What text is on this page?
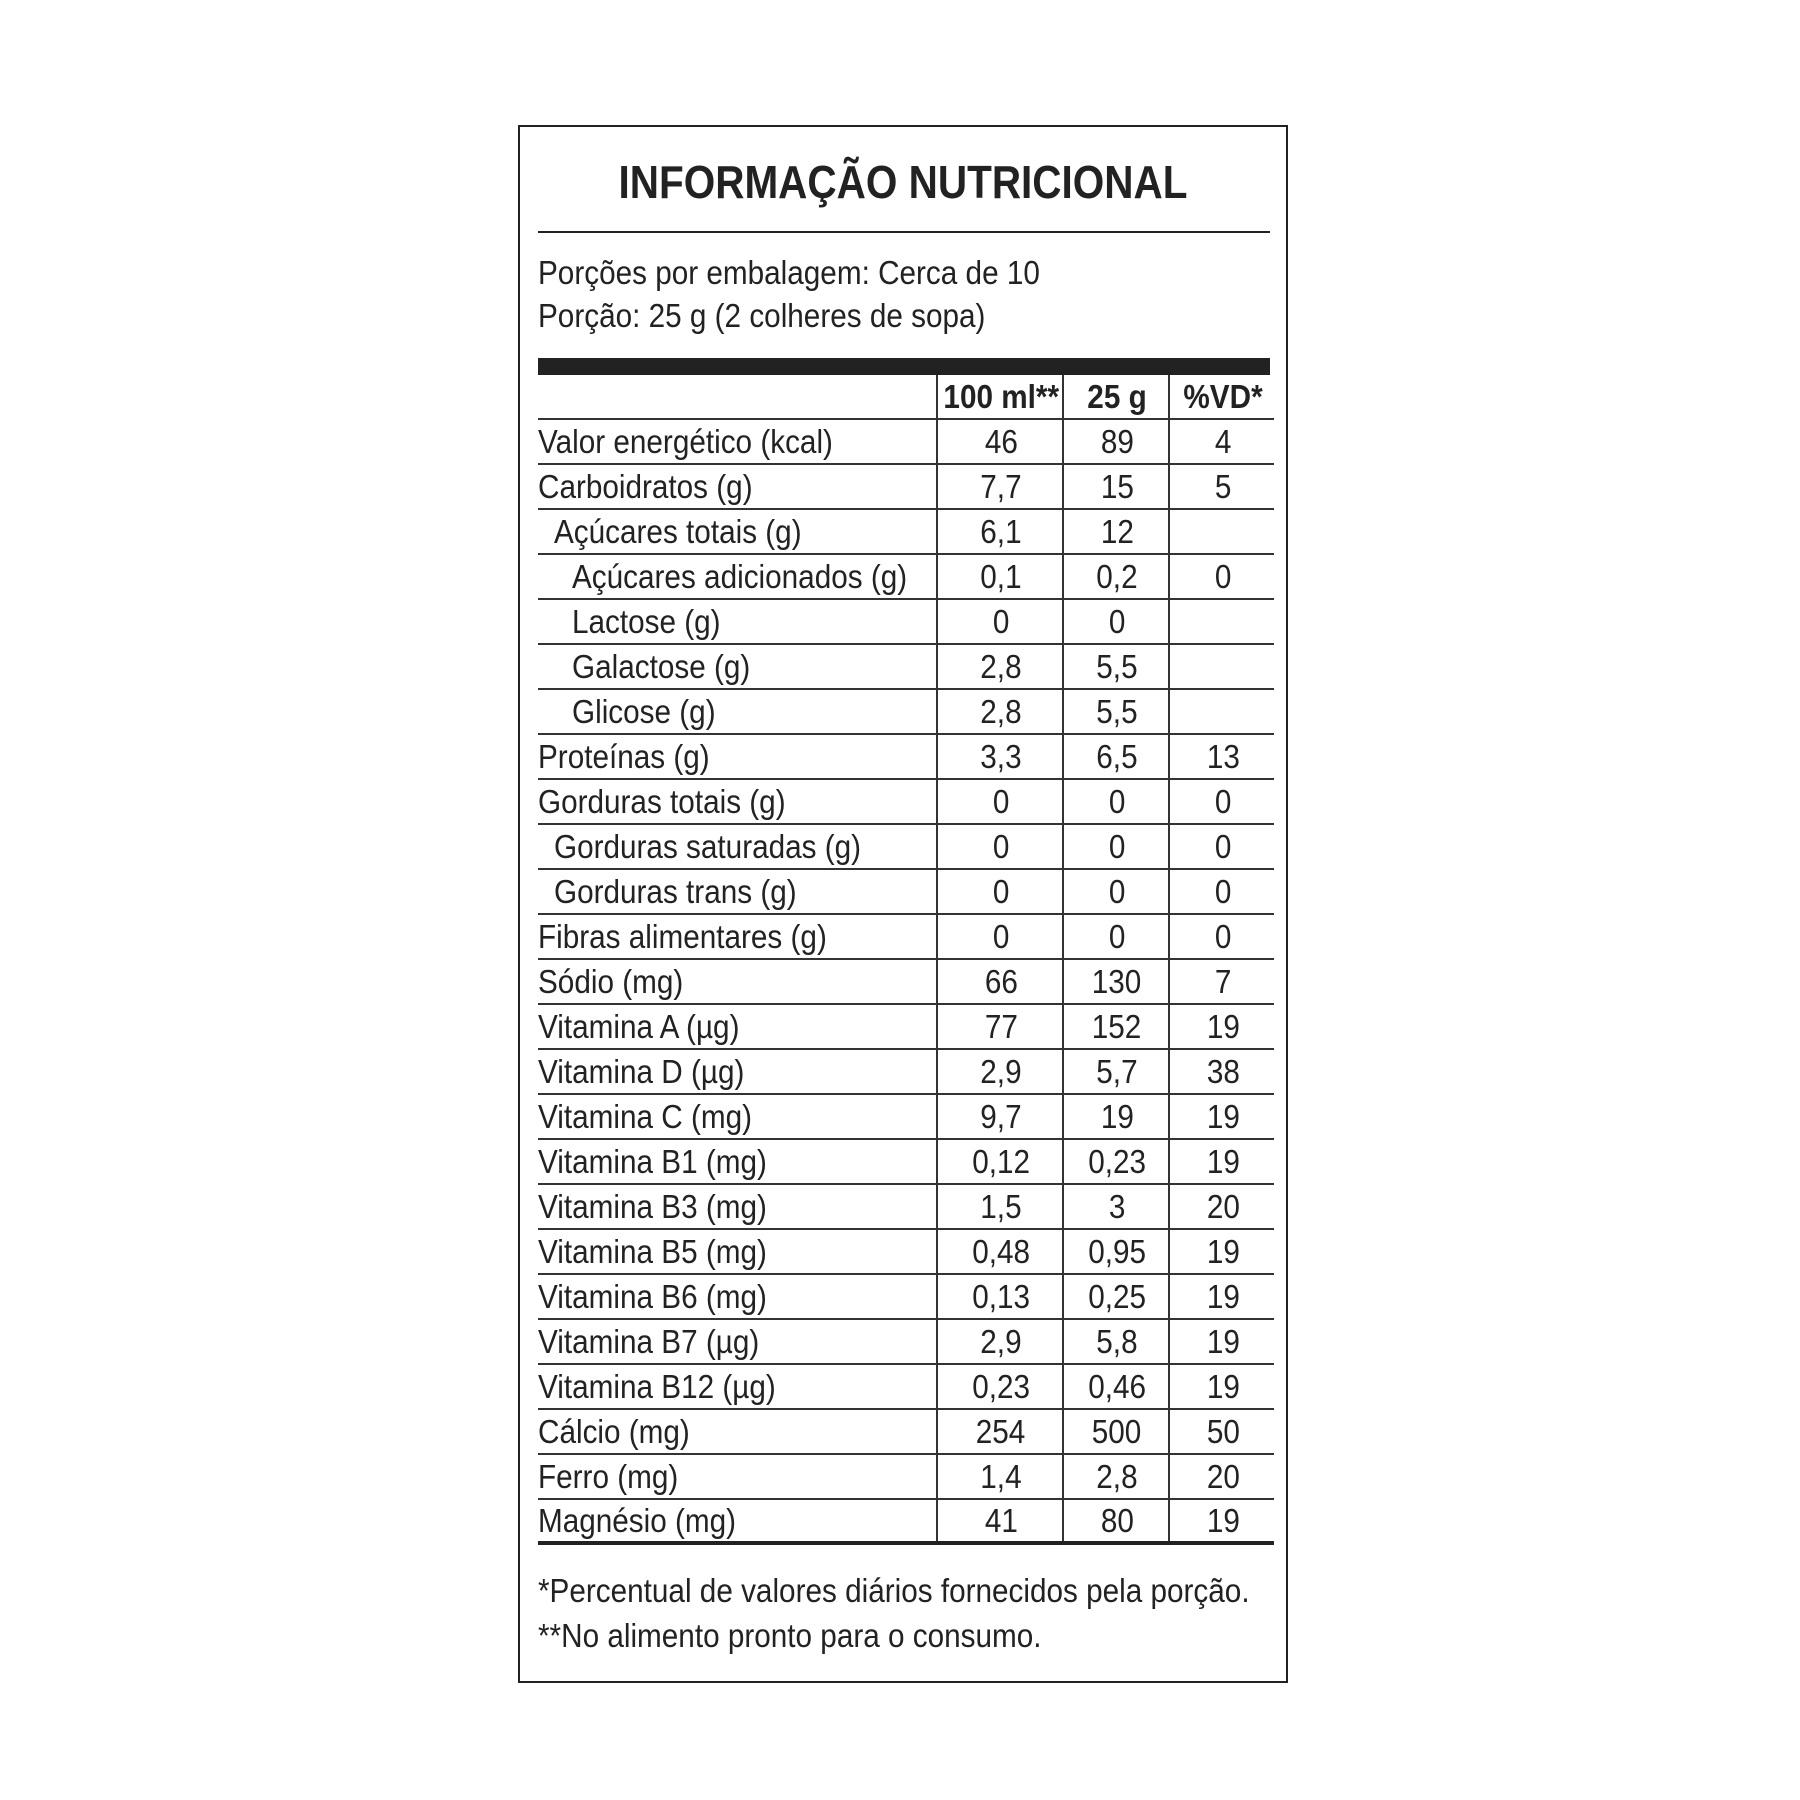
INFORMAÇÃO NUTRICIONAL
Porções por embalagem: Cerca de 10
Porção: 25 g (2 colheres de sopa)
100 ml** 25 g %VD*
Valor energético (kcal)	46	89 4
Carboidratos (g)	7,7 15 5
Açúcares totais (g)	6,1 12
Açúcares adicionados (g) 0,1 0,2 0
Lactose (g)	0	0
Galactose (g)	2,8 5,5
Glicose (g)	2,8 5,5
Proteínas (g)	3,3 6,5 13
Gorduras totais (g)	0	0	0
Gorduras saturadas (g)	0	0	0
Gorduras trans (g)	0	0	0
Fibras alimentares (g)	0	0	0
Sódio (mg)	66 130 7
Vitamina A (µg)	77 152 19
Vitamina D (µg)	2,9 5,7 38
Vitamina C (mg)	9,7 19 19
Vitamina B1 (mg)	0,12 0,23 19
Vitamina B3 (mg)	1,5	3 20
Vitamina B5 (mg)	0,48 0,95 19
Vitamina B6 (mg)	0,13 0,25 19
Vitamina B7 (µg)	2,9 5,8 19
Vitamina B12 (µg)	0,23 0,46 19
Cálcio (mg)	254 500 50
Ferro (mg)	1,4 2,8 20
Magnésio (mg)	41	80 19
*Percentual de valores diários fornecidos pela porção.
**No alimento pronto para o consumo.
